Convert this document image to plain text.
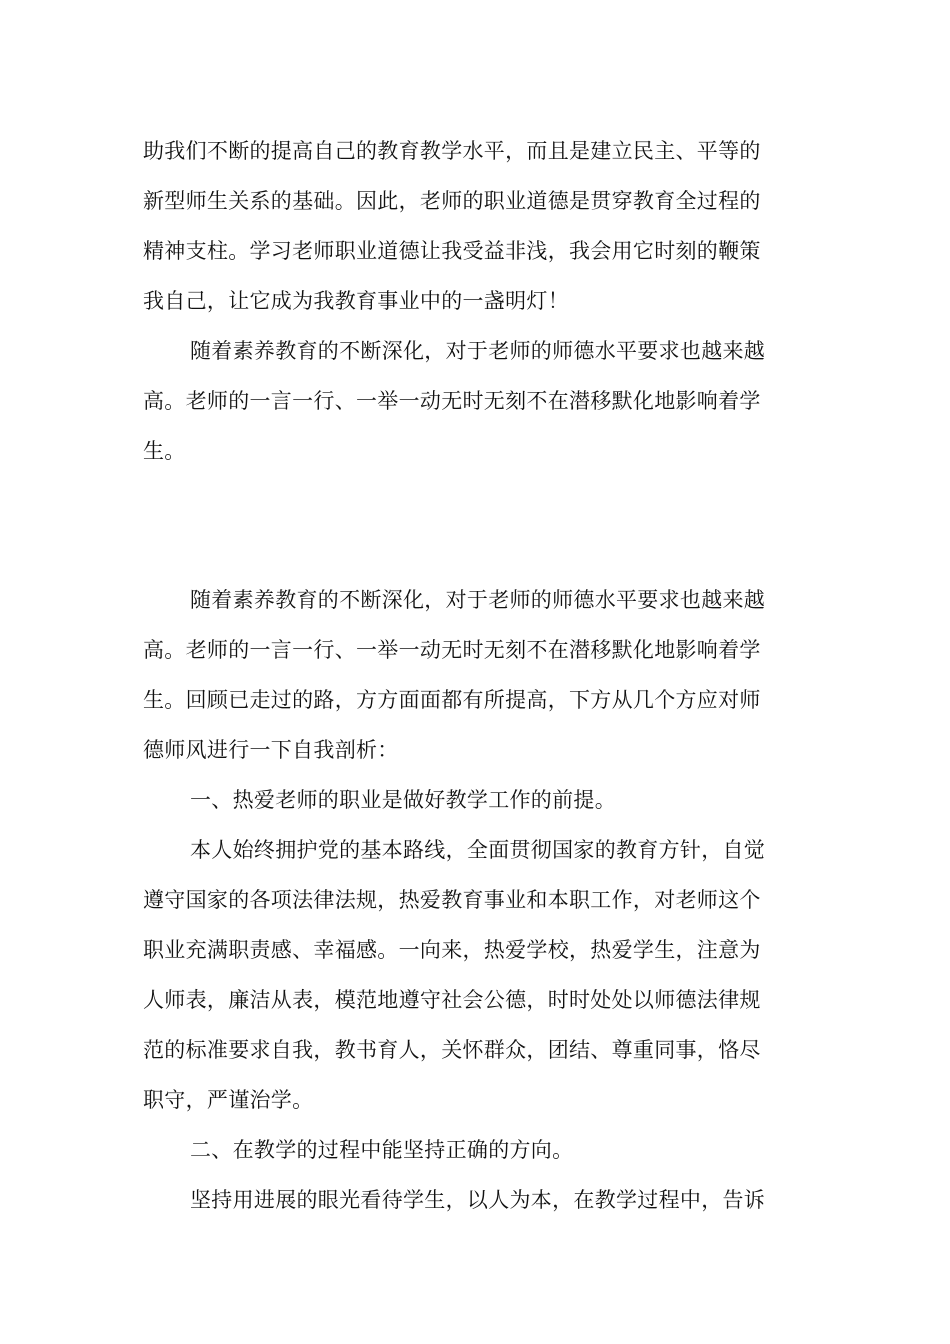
助我们不断的提高自己的教育教学水平，而且是建立民主、平等的
新型师生关系的基础。因此，老师的职业道德是贯穿教育全过程的
精神支柱。学习老师职业道德让我受益非浅，我会用它时刻的鞭策
我自己，让它成为我教育事业中的一盏明灯！
随着素养教育的不断深化，对于老师的师德水平要求也越来越
高。老师的一言一行、一举一动无时无刻不在潜移默化地影响着学
生。
随着素养教育的不断深化，对于老师的师德水平要求也越来越
高。老师的一言一行、一举一动无时无刻不在潜移默化地影响着学
生。回顾已走过的路，方方面面都有所提高，下方从几个方应对师
德师风进行一下自我剖析：
一、热爱老师的职业是做好教学工作的前提。
本人始终拥护党的基本路线，全面贯彻国家的教育方针，自觉
遵守国家的各项法律法规，热爱教育事业和本职工作，对老师这个
职业充满职责感、幸福感。一向来，热爱学校，热爱学生，注意为
人师表，廉洁从表，模范地遵守社会公德，时时处处以师德法律规
范的标准要求自我，教书育人，关怀群众，团结、尊重同事，恪尽
职守，严谨治学。
二、在教学的过程中能坚持正确的方向。
坚持用进展的眼光看待学生，以人为本，在教学过程中，告诉
